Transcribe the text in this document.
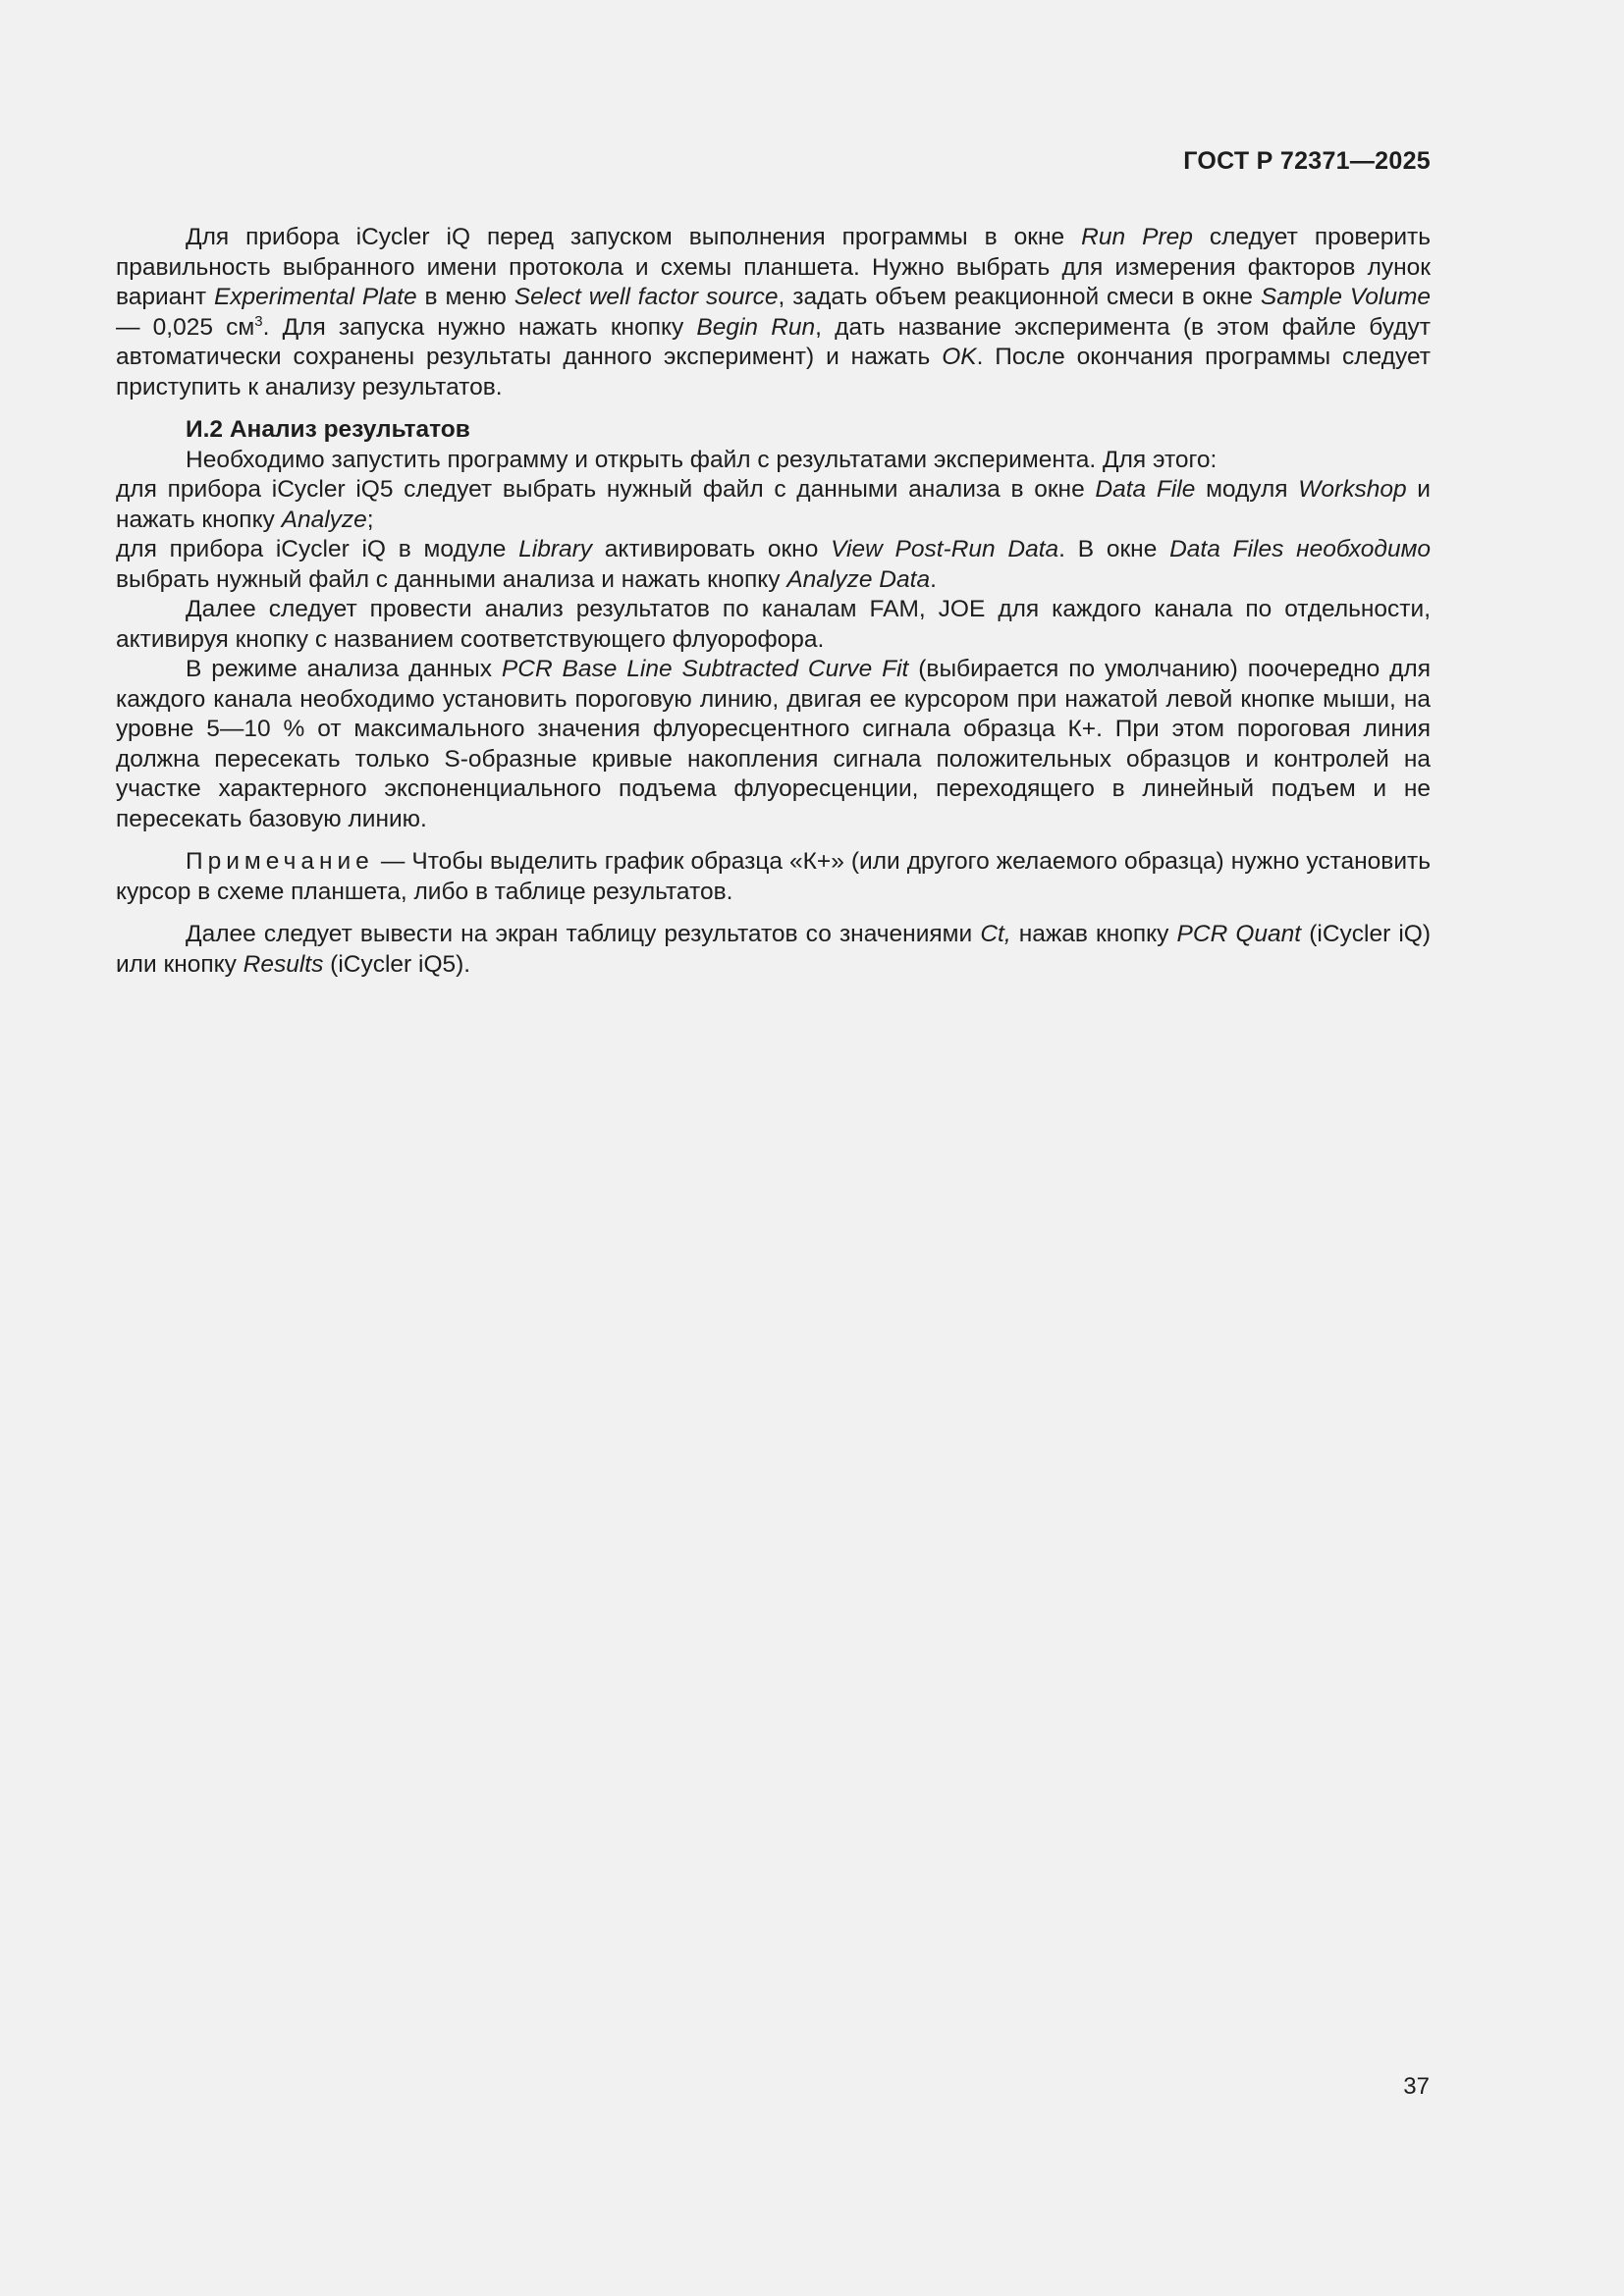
ГОСТ Р 72371—2025

Для прибора iCycler iQ перед запуском выполнения программы в окне Run Prep следует проверить правильность выбранного имени протокола и схемы планшета. Нужно выбрать для измерения факторов лунок вариант Experimental Plate в меню Select well factor source, задать объем реакционной смеси в окне Sample Volume — 0,025 $см^3$. Для запуска нужно нажать кнопку Begin Run, дать название эксперимента (в этом файле будут автоматически сохранены результаты данного эксперимент) и нажать OK. После окончания программы следует приступить к анализу результатов.

И.2 Анализ результатов

Необходимо запустить программу и открыть файл с результатами эксперимента. Для этого:

для прибора iCycler iQ5 следует выбрать нужный файл с данными анализа в окне Data File модуля Workshop и нажать кнопку Analyze;

для прибора iCycler iQ в модуле Library активировать окно View Post-Run Data. В окне Data Files необходимо выбрать нужный файл с данными анализа и нажать кнопку Analyze Data.

Далее следует провести анализ результатов по каналам FAM, JOE для каждого канала по отдельности, активируя кнопку с названием соответствующего флуорофора.

В режиме анализа данных PCR Base Line Subtracted Curve Fit (выбирается по умолчанию) поочередно для каждого канала необходимо установить пороговую линию, двигая ее курсором при нажатой левой кнопке мыши, на уровне 5—10 % от максимального значения флуоресцентного сигнала образца К+. При этом пороговая линия должна пересекать только S-образные кривые накопления сигнала положительных образцов и контролей на участке характерного экспоненциального подъема флуоресценции, переходящего в линейный подъем и не пересекать базовую линию.

Примечание — Чтобы выделить график образца «К+» (или другого желаемого образца) нужно установить курсор в схеме планшета, либо в таблице результатов.

Далее следует вывести на экран таблицу результатов со значениями Ct, нажав кнопку PCR Quant (iCycler iQ) или кнопку Results (iCycler iQ5).

37
